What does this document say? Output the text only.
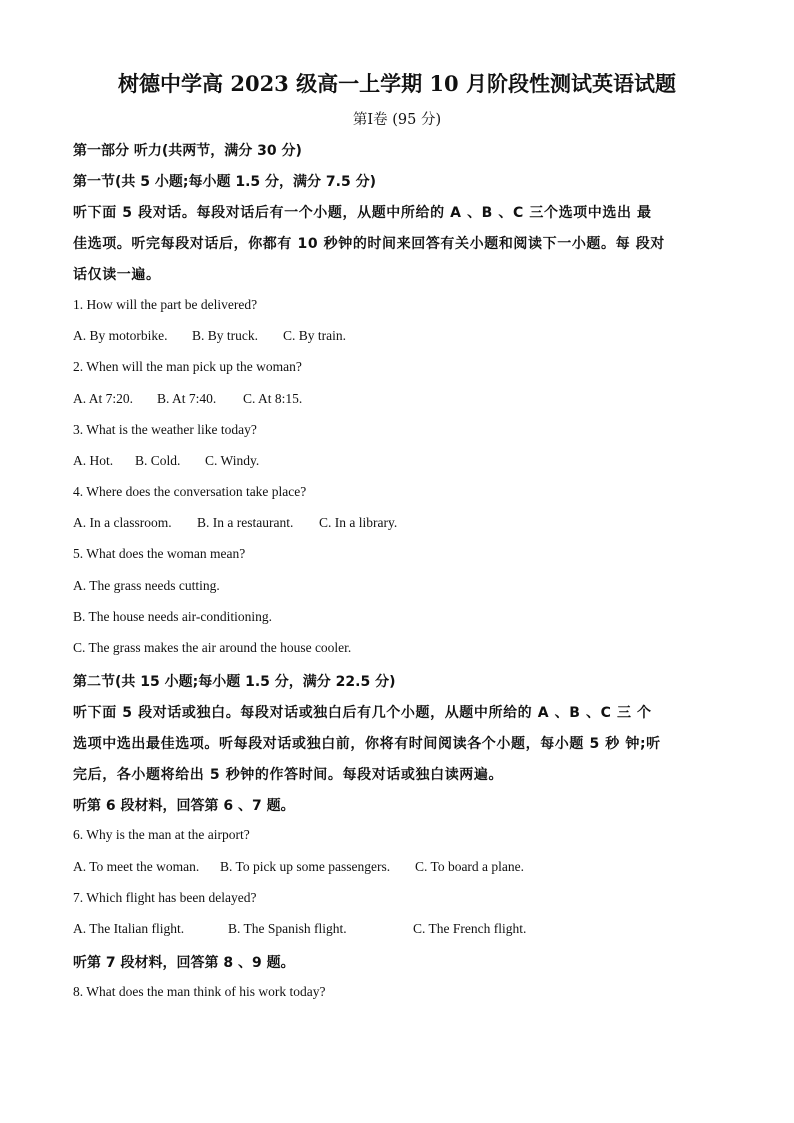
树德中学高 2023 级高一上学期 10 月阶段性测试英语试题
第Ⅰ卷 (95 分)
第一部分 听力(共两节，满分 30 分)
第一节(共 5 小题;每小题 1.5 分，满分 7.5 分)
听下面 5 段对话。每段对话后有一个小题，从题中所给的 A 、B 、C 三个选项中选出 最
佳选项。听完每段对话后，你都有 10 秒钟的时间来回答有关小题和阅读下一小题。每 段对
话仅读一遍。
1. How will the part be delivered?
A. By motorbike. B. By truck. C. By train.
2. When will the man pick up the woman?
A. At 7:20. B. At 7:40. C. At 8:15.
3. What is the weather like today?
A. Hot. B. Cold. C. Windy.
4. Where does the conversation take place?
A. In a classroom. B. In a restaurant. C. In a library.
5. What does the woman mean?
A. The grass needs cutting.
B. The house needs air-conditioning.
C. The grass makes the air around the house cooler.
第二节(共 15 小题;每小题 1.5 分，满分 22.5 分)
听下面 5 段对话或独白。每段对话或独白后有几个小题，从题中所给的 A 、B 、C 三 个
选项中选出最佳选项。听每段对话或独白前，你将有时间阅读各个小题，每小题 5 秒 钟;听
完后，各小题将给出 5 秒钟的作答时间。每段对话或独白读两遍。
听第 6 段材料，回答第 6 、7 题。
6. Why is the man at the airport?
A. To meet the woman. B. To pick up some passengers. C. To board a plane.
7. Which flight has been delayed?
A. The Italian flight.	B. The Spanish flight.	C. The French flight.
听第 7 段材料，回答第 8 、9 题。
8. What does the man think of his work today?
